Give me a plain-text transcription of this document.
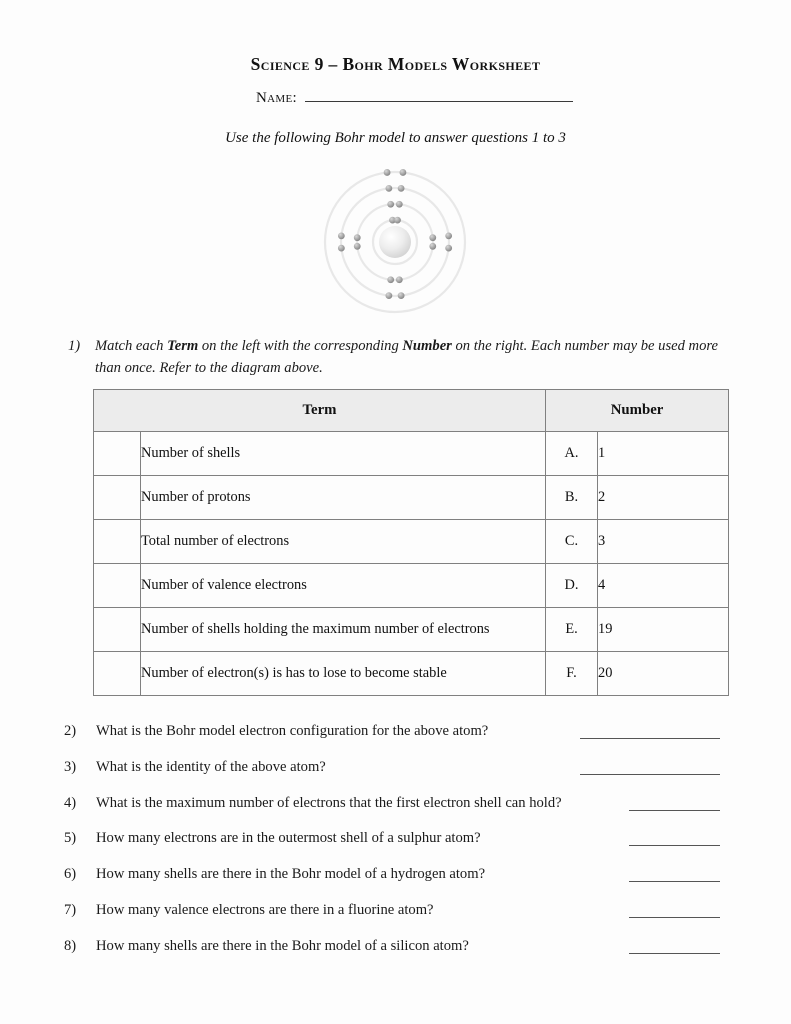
Science 9 – Bohr Models Worksheet
Name:
Use the following Bohr model to answer questions 1 to 3
1)	Match each Term on the left with the corresponding Number on the right. Each number may be used more than once. Refer to the diagram above.
Term		Number	
	Number of shells	A.	1
	Number of protons	B.	2
	Total number of electrons	C.	3
	Number of valence electrons	D.	4
	Number of shells holding the maximum number of electrons	E.	19
	Number of electron(s) is has to lose to become stable	F.	20
2)	What is the Bohr model electron configuration for the above atom?
3)	What is the identity of the above atom?
4)	What is the maximum number of electrons that the first electron shell can hold?
5)	How many electrons are in the outermost shell of a sulphur atom?
6)	How many shells are there in the Bohr model of a hydrogen atom?
7)	How many valence electrons are there in a fluorine atom?
8)	How many shells are there in the Bohr model of a silicon atom?
